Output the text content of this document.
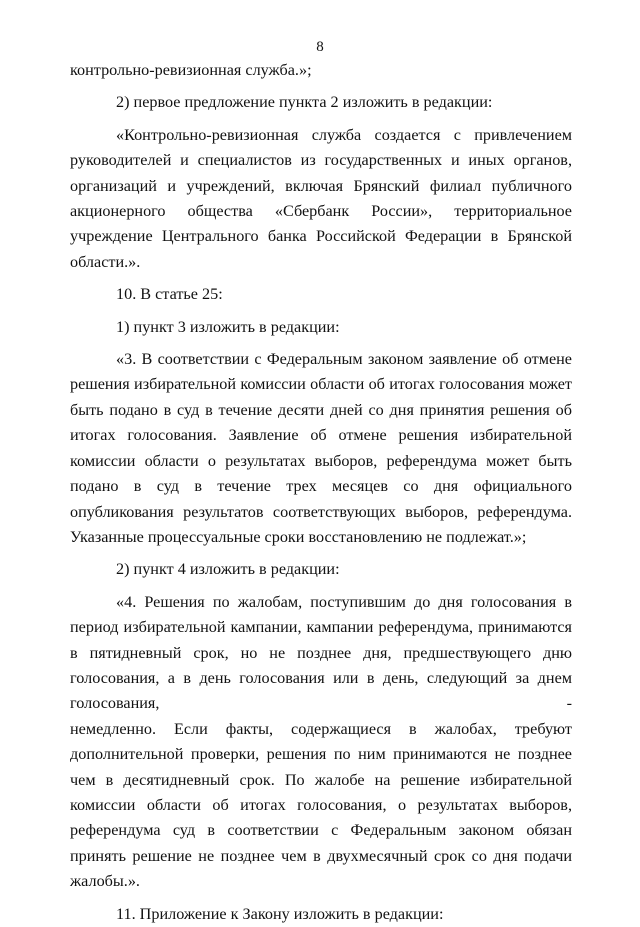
8

контрольно-ревизионная служба.»;

2) первое предложение пункта 2 изложить в редакции:

«Контрольно-ревизионная служба создается с привлечением руководителей и специалистов из государственных и иных органов, организаций и учреждений, включая Брянский филиал публичного

акционерного общества «Сбербанк России», территориальное учреждение Центрального банка Российской Федерации в Брянской области.».

10. В статье 25:

1) пункт 3 изложить в редакции:

«3. В соответствии с Федеральным законом заявление об отмене решения избирательной комиссии области об итогах голосования может быть подано в суд в течение десяти дней со дня принятия решения об итогах голосования. Заявление об отмене решения избирательной комиссии области о результатах выборов, референдума может быть подано в суд в течение трех месяцев со дня официального опубликования результатов соответствующих выборов, референдума. Указанные процессуальные сроки восстановлению не подлежат.»;

2) пункт 4 изложить в редакции:

«4. Решения по жалобам, поступившим до дня голосования в период избирательной кампании, кампании референдума, принимаются в пятидневный срок, но не позднее дня, предшествующего дню голосования, а в день голосования или в день, следующий за днем голосования, -

немедленно. Если факты, содержащиеся в жалобах, требуют дополнительной проверки, решения по ним принимаются не позднее чем в десятидневный срок. По жалобе на решение избирательной комиссии области об итогах голосования, о результатах выборов, референдума суд в соответствии с Федеральным законом обязан принять решение не позднее чем в двухмесячный срок со дня подачи жалобы.».

11. Приложение к Закону изложить в редакции:
